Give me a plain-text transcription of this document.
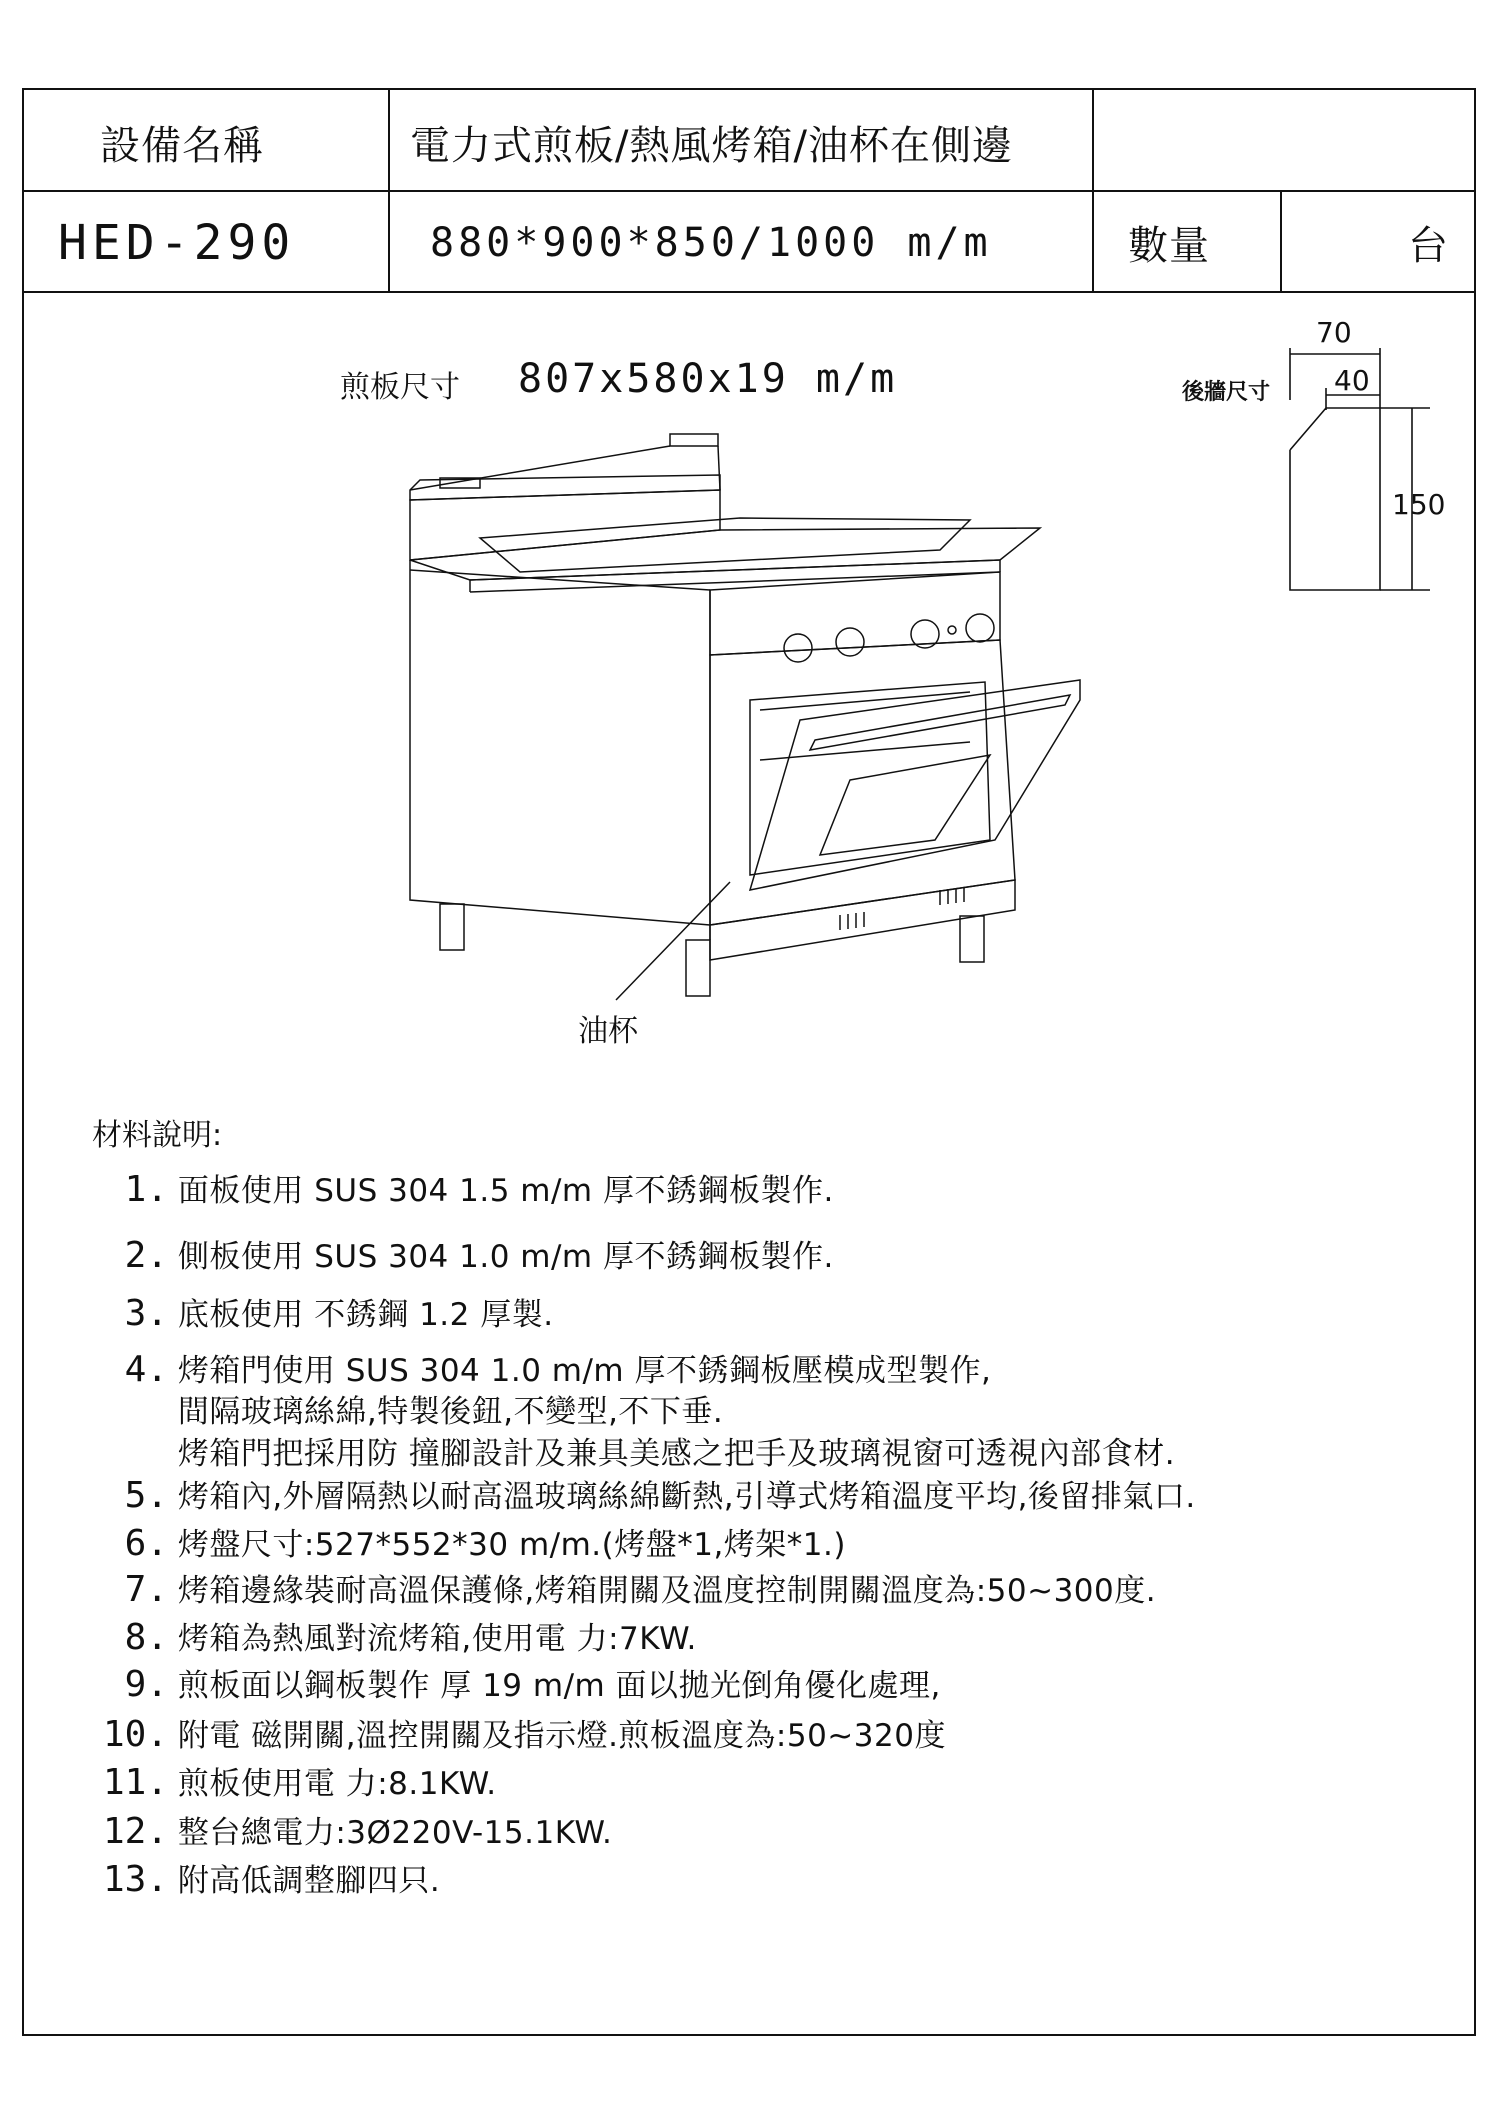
設備名稱	電力式煎板/熱風烤箱/油杯在側邊
HED-290	880*900*850/1000 m/m	數量	台
煎板尺寸 807x580x19 m/m	後牆尺寸
70
40
150
油杯
材料說明:
1. 面板使用 SUS 304 1.5 m/m 厚不銹鋼板製作.
2. 側板使用 SUS 304 1.0 m/m 厚不銹鋼板製作.
3. 底板使用 不銹鋼 1.2 厚製.
4. 烤箱門使用 SUS 304 1.0 m/m 厚不銹鋼板壓模成型製作,
間隔玻璃絲綿,特製後鈕,不變型,不下垂.
烤箱門把採用防 撞腳設計及兼具美感之把手及玻璃視窗可透視內部食材.
5. 烤箱內,外層隔熱以耐高溫玻璃絲綿斷熱,引導式烤箱溫度平均,後留排氣口.
6. 烤盤尺寸:527*552*30 m/m.(烤盤*1,烤架*1.)
7. 烤箱邊緣裝耐高溫保護條,烤箱開關及溫度控制開關溫度為:50~300度.
8. 烤箱為熱風對流烤箱,使用電 力:7KW.
9. 煎板面以鋼板製作 厚 19 m/m 面以拋光倒角優化處理,
10. 附電 磁開關,溫控開關及指示燈.煎板溫度為:50~320度
11. 煎板使用電 力:8.1KW.
12. 整台總電力:3Ø220V-15.1KW.
13. 附高低調整腳四只.
